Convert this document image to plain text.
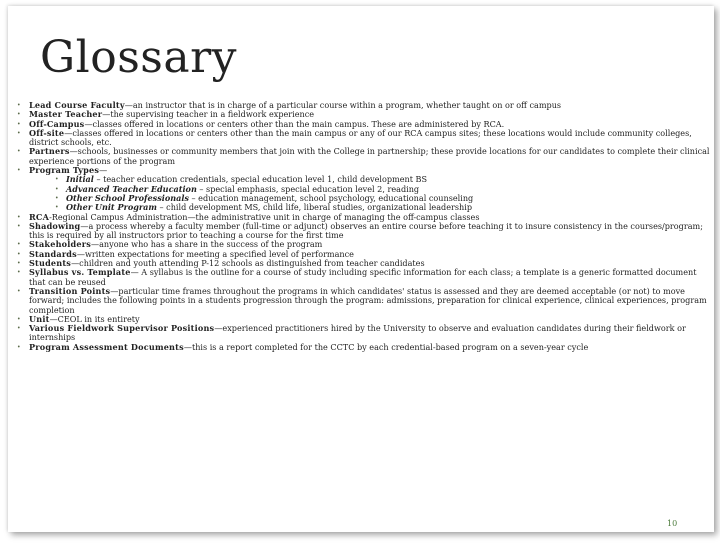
Glossary
• Lead Course Faculty—an instructor that is in charge of a particular course within a program, whether taught on or off campus
• Master Teacher—the supervising teacher in a fieldwork experience
• Off-Campus—classes offered in locations or centers other than the main campus. These are administered by RCA.
• Off-site—classes offered in locations or centers other than the main campus or any of our RCA campus sites; these locations would include community colleges, district schools, etc.
• Partners—schools, businesses or community members that join with the College in partnership; these provide locations for our candidates to complete their clinical experience portions of the program
• Program Types—
• Initial – teacher education credentials, special education level 1, child development BS
• Advanced Teacher Education – special emphasis, special education level 2, reading
• Other School Professionals – education management, school psychology, educational counseling
• Other Unit Program – child development MS, child life, liberal studies, organizational leadership
• RCA-Regional Campus Administration—the administrative unit in charge of managing the off-campus classes
• Shadowing—a process whereby a faculty member (full-time or adjunct) observes an entire course before teaching it to insure consistency in the courses/program; this is required by all instructors prior to teaching a course for the first time
• Stakeholders—anyone who has a share in the success of the program
• Standards—written expectations for meeting a specified level of performance
• Students—children and youth attending P-12 schools as distinguished from teacher candidates
• Syllabus vs. Template— A syllabus is the outline for a course of study including specific information for each class; a template is a generic formatted document that can be reused
• Transition Points—particular time frames throughout the programs in which candidates' status is assessed and they are deemed acceptable (or not) to move forward; includes the following points in a students progression through the program: admissions, preparation for clinical experience, clinical experiences, program completion
• Unit—CEOL in its entirety
• Various Fieldwork Supervisor Positions—experienced practitioners hired by the University to observe and evaluation candidates during their fieldwork or internships
• Program Assessment Documents—this is a report completed for the CCTC by each credential-based program on a seven-year cycle
10
